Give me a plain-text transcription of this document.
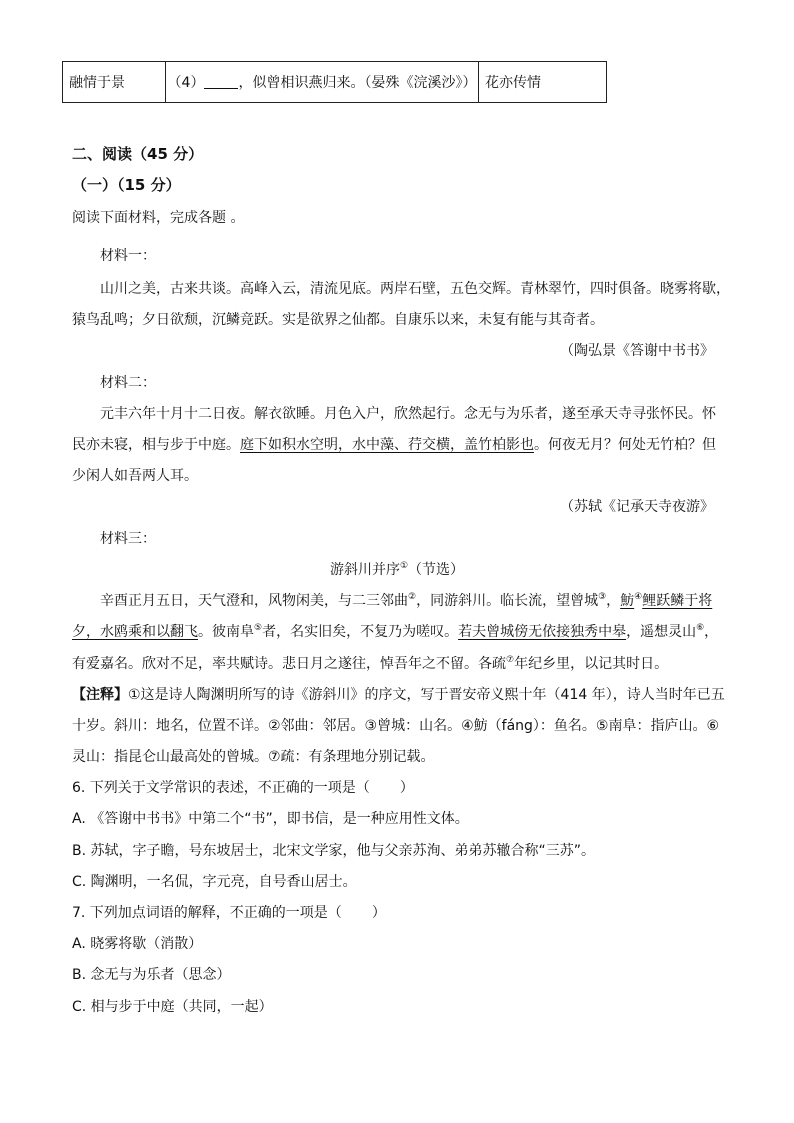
融情于景	（4） ，似曾相识燕归来。（晏殊《浣溪沙》）	花亦传情
二、阅读（45 分）
（一）（15 分）
阅读下面材料，完成各题 。
材料一：
山川之美，古来共谈。高峰入云，清流见底。两岸石壁，五色交辉。青林翠竹，四时俱备。晓雾将歇，
猿鸟乱鸣；夕日欲颓，沉鳞竞跃。实是欲界之仙都。自康乐以来，未复有能与其奇者。
（陶弘景《答谢中书书》
材料二：
元丰六年十月十二日夜。解衣欲睡。月色入户，欣然起行。念无与为乐者，遂至承天寺寻张怀民。怀
民亦未寝，相与步于中庭。庭下如积水空明，水中藻、荇交横，盖竹柏影也。何夜无月？何处无竹柏？但
少闲人如吾两人耳。
（苏轼《记承天寺夜游》
材料三：
游斜川并序①（节选）
辛酉正月五日，天气澄和，风物闲美，与二三邻曲②，同游斜川。临长流，望曾城③，魴④鲤跃鳞于将
夕，水鸥乘和以翻飞。彼南阜⑤者，名实旧矣，不复乃为嗟叹。若夫曾城傍无依接独秀中皋，遥想灵山⑥，
有爱嘉名。欣对不足，率共赋诗。悲日月之遂往，悼吾年之不留。各疏⑦年纪乡里，以记其时日。
【注释】①这是诗人陶渊明所写的诗《游斜川》的序文，写于晋安帝义熙十年（414 年），诗人当时年已五
十岁。斜川：地名，位置不详。②邻曲：邻居。③曾城：山名。④魴（fáng）：鱼名。⑤南阜：指庐山。⑥
灵山：指昆仑山最高处的曾城。⑦疏：有条理地分别记载。
6. 下列关于文学常识的表述，不正确的一项是（ ）
A. 《答谢中书书》中第二个“书”，即书信，是一种应用性文体。
B. 苏轼，字子瞻，号东坡居士，北宋文学家，他与父亲苏洵、弟弟苏辙合称“三苏”。
C. 陶渊明，一名侃，字元亮，自号香山居士。
7. 下列加点词语的解释，不正确的一项是（ ）
A. 晓雾将歇（消散）
B. 念无与为乐者（思念）
C. 相与步于中庭（共同，一起）
